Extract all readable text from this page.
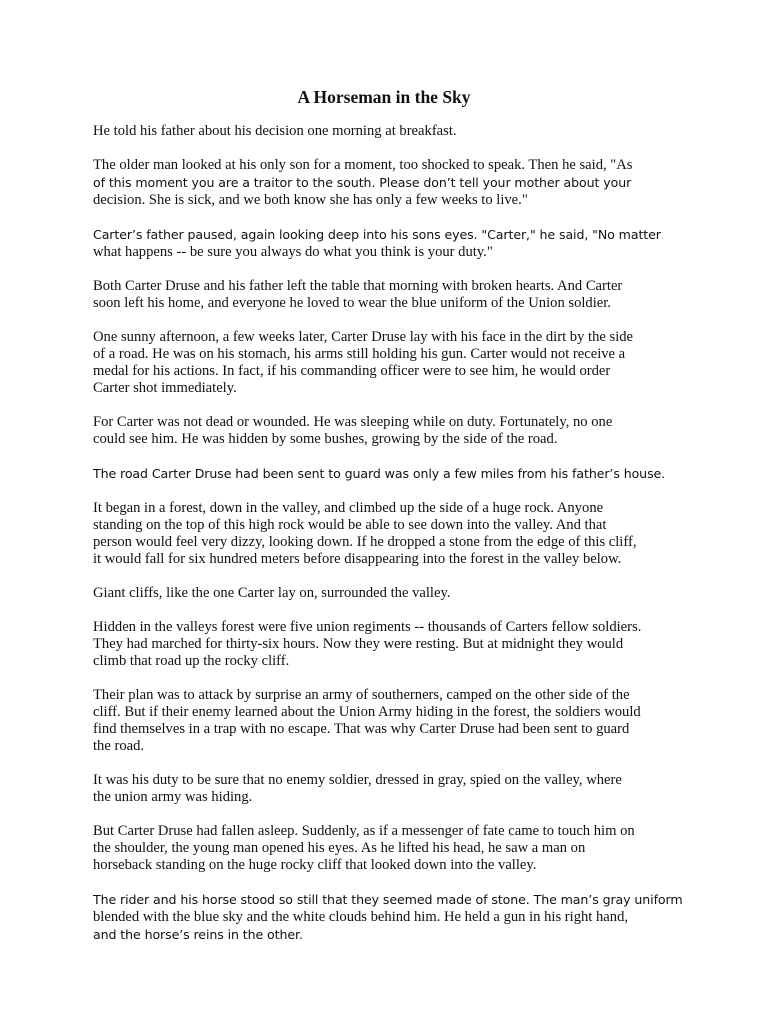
A Horseman in the Sky

He told his father about his decision one morning at breakfast.

The older man looked at his only son for a moment, too shocked to speak. Then he said, "As
of this moment you are a traitor to the south. Please don’t tell your mother about your
decision. She is sick, and we both know she has only a few weeks to live."

Carter’s father paused, again looking deep into his sons eyes. "Carter," he said, "No matter
what happens -- be sure you always do what you think is your duty."

Both Carter Druse and his father left the table that morning with broken hearts. And Carter
soon left his home, and everyone he loved to wear the blue uniform of the Union soldier.

One sunny afternoon, a few weeks later, Carter Druse lay with his face in the dirt by the side
of a road. He was on his stomach, his arms still holding his gun. Carter would not receive a
medal for his actions. In fact, if his commanding officer were to see him, he would order
Carter shot immediately.

For Carter was not dead or wounded. He was sleeping while on duty. Fortunately, no one
could see him. He was hidden by some bushes, growing by the side of the road.

The road Carter Druse had been sent to guard was only a few miles from his father’s house.

It began in a forest, down in the valley, and climbed up the side of a huge rock. Anyone
standing on the top of this high rock would be able to see down into the valley. And that
person would feel very dizzy, looking down. If he dropped a stone from the edge of this cliff,
it would fall for six hundred meters before disappearing into the forest in the valley below.

Giant cliffs, like the one Carter lay on, surrounded the valley.

Hidden in the valleys forest were five union regiments -- thousands of Carters fellow soldiers.
They had marched for thirty-six hours. Now they were resting. But at midnight they would
climb that road up the rocky cliff.

Their plan was to attack by surprise an army of southerners, camped on the other side of the
cliff. But if their enemy learned about the Union Army hiding in the forest, the soldiers would
find themselves in a trap with no escape. That was why Carter Druse had been sent to guard
the road.

It was his duty to be sure that no enemy soldier, dressed in gray, spied on the valley, where
the union army was hiding.

But Carter Druse had fallen asleep. Suddenly, as if a messenger of fate came to touch him on
the shoulder, the young man opened his eyes. As he lifted his head, he saw a man on
horseback standing on the huge rocky cliff that looked down into the valley.

The rider and his horse stood so still that they seemed made of stone. The man’s gray uniform
blended with the blue sky and the white clouds behind him. He held a gun in his right hand,
and the horse’s reins in the other.
